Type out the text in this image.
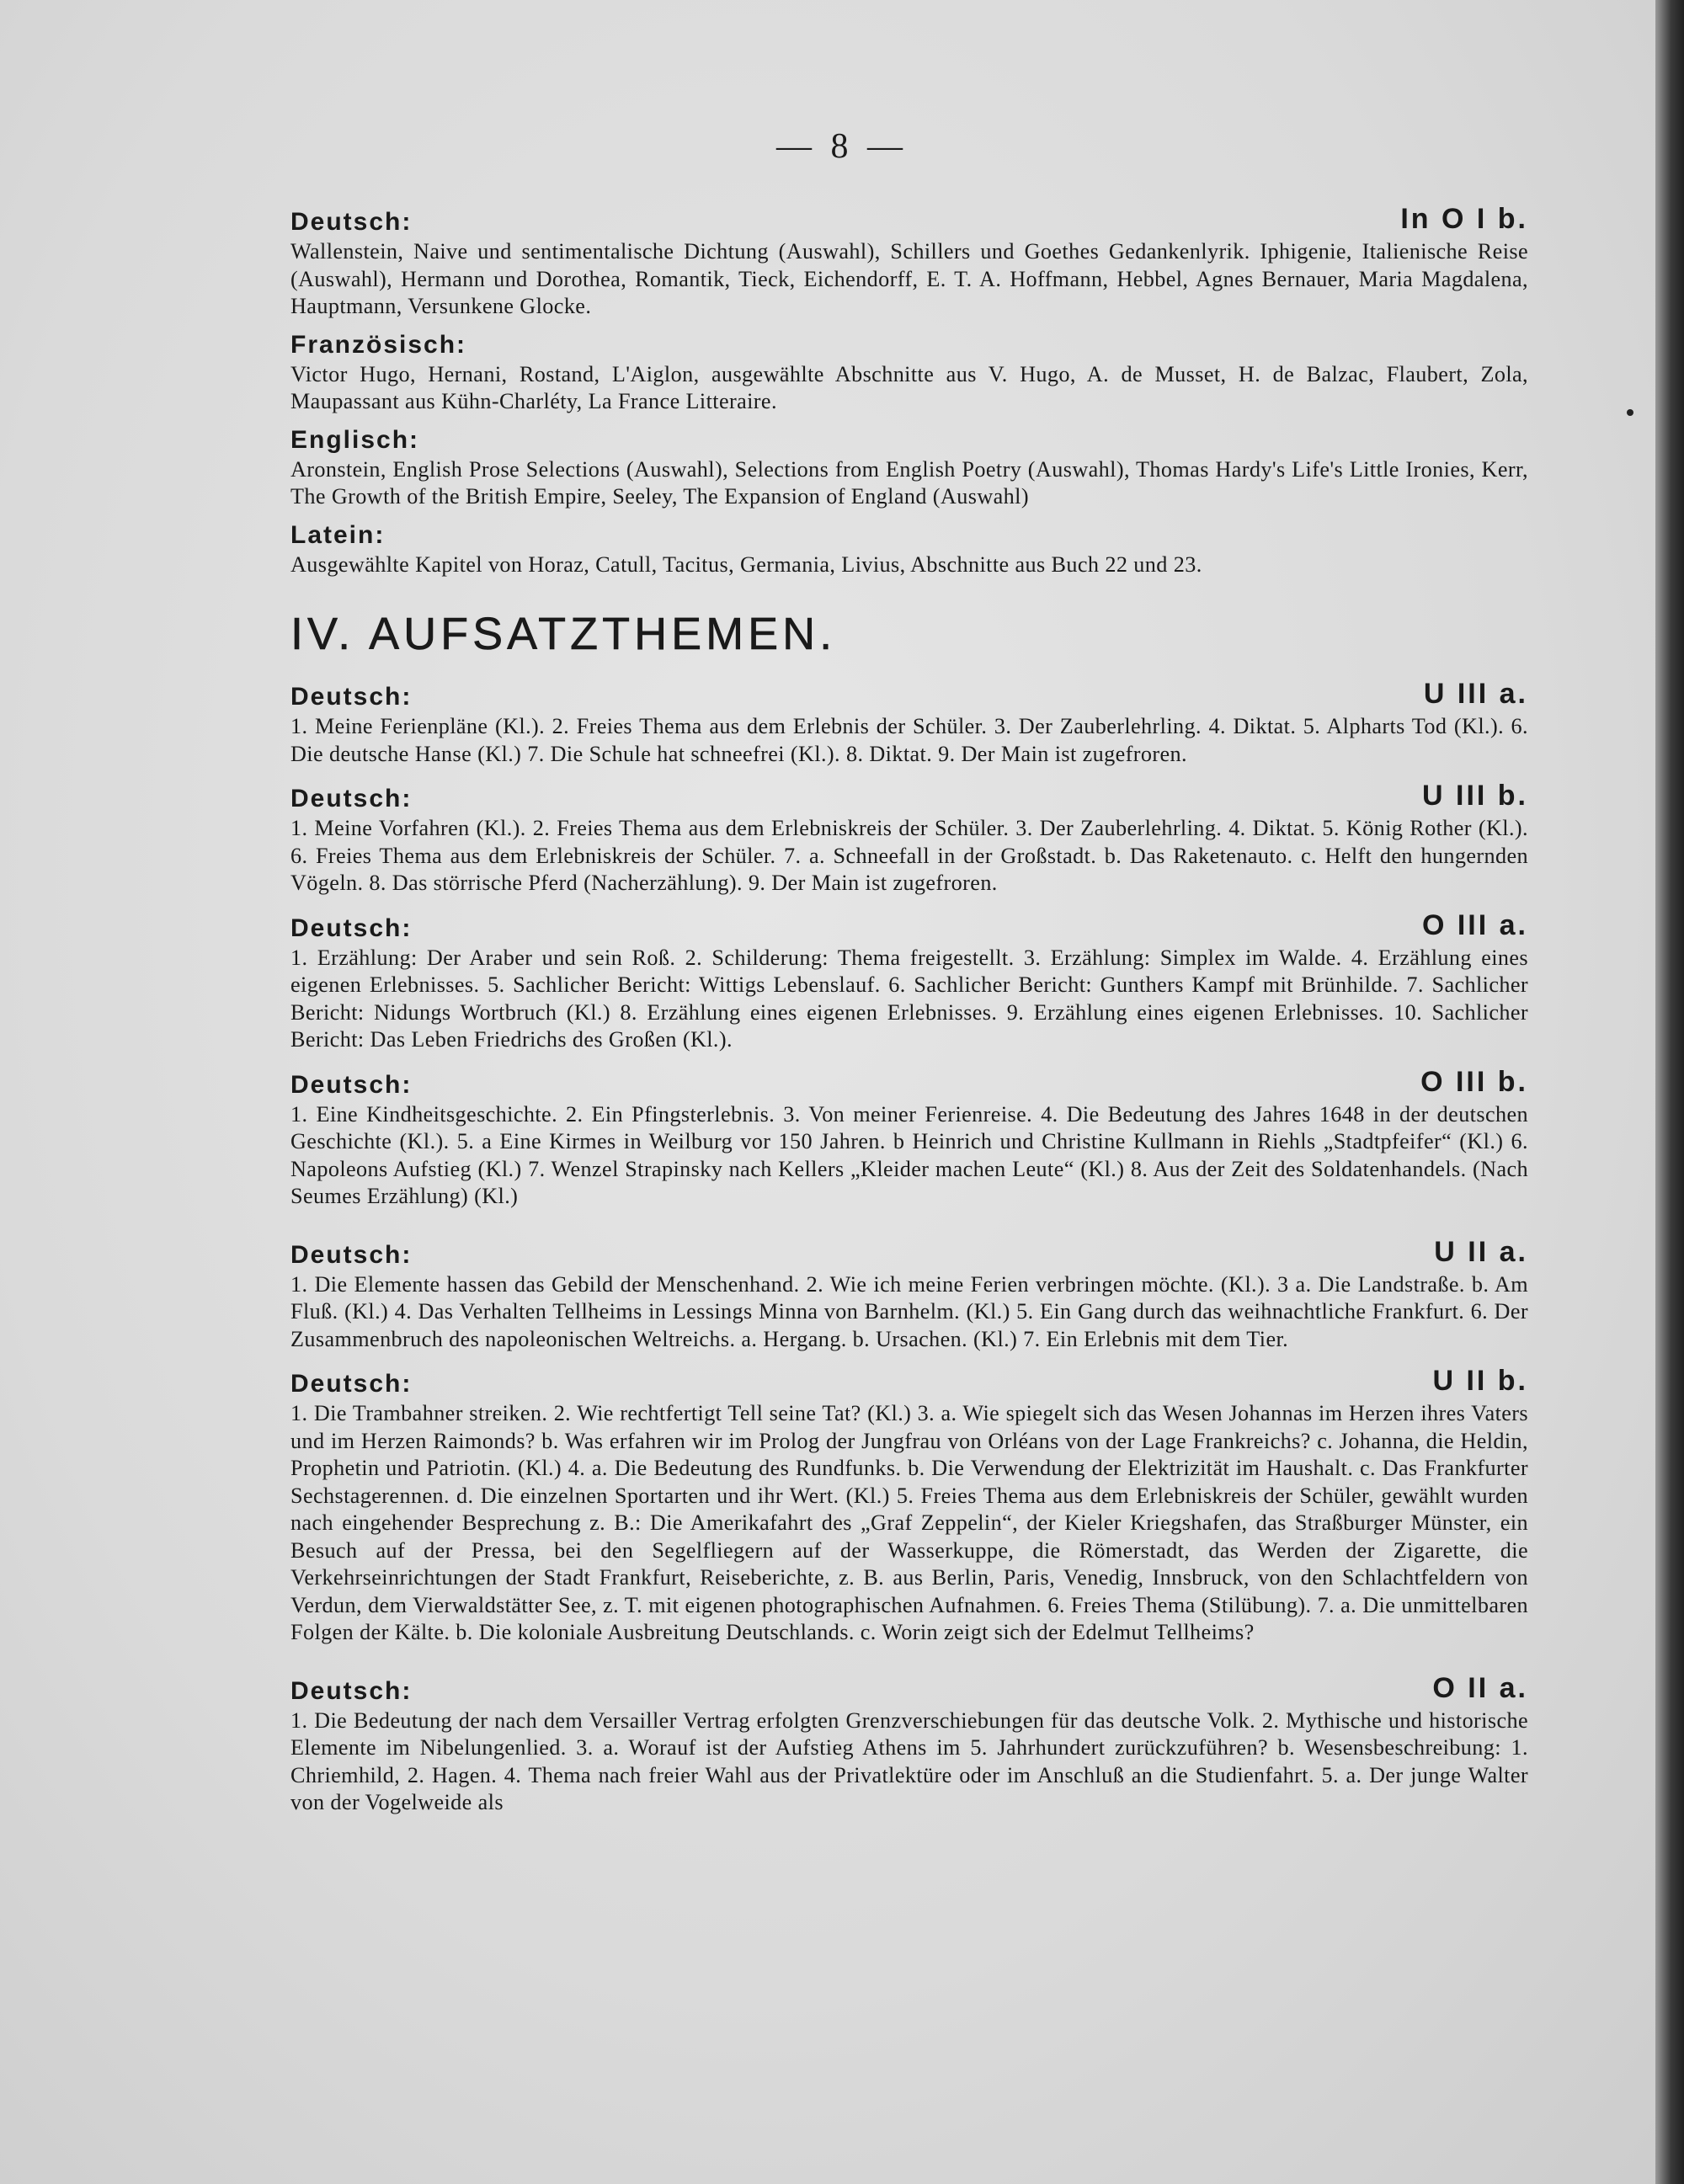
— 8 —
Deutsch:	In O I b.

Wallenstein, Naive und sentimentalische Dichtung (Auswahl), Schillers und Goethes Gedankenlyrik. Iphigenie, Italienische Reise (Auswahl), Hermann und Dorothea, Romantik, Tieck, Eichendorff, E. T. A. Hoffmann, Hebbel, Agnes Bernauer, Maria Magdalena, Hauptmann, Versunkene Glocke.

Französisch:

Victor Hugo, Hernani, Rostand, L'Aiglon, ausgewählte Abschnitte aus V. Hugo, A. de Musset, H. de Balzac, Flaubert, Zola, Maupassant aus Kühn-Charléty, La France Litteraire.

Englisch:

Aronstein, English Prose Selections (Auswahl), Selections from English Poetry (Auswahl), Thomas Hardy's Life's Little Ironies, Kerr, The Growth of the British Empire, Seeley, The Expansion of England (Auswahl)

Latein:

Ausgewählte Kapitel von Horaz, Catull, Tacitus, Germania, Livius, Abschnitte aus Buch 22 und 23.

IV. AUFSATZTHEMEN.
Deutsch:	U III a.

1. Meine Ferienpläne (Kl.). 2. Freies Thema aus dem Erlebnis der Schüler. 3. Der Zauberlehrling. 4. Diktat. 5. Alpharts Tod (Kl.). 6. Die deutsche Hanse (Kl.) 7. Die Schule hat schneefrei (Kl.). 8. Diktat. 9. Der Main ist zugefroren.

Deutsch:	U III b.

1. Meine Vorfahren (Kl.). 2. Freies Thema aus dem Erlebniskreis der Schüler. 3. Der Zauberlehrling. 4. Diktat. 5. König Rother (Kl.). 6. Freies Thema aus dem Erlebniskreis der Schüler. 7. a. Schneefall in der Großstadt. b. Das Raketenauto. c. Helft den hungernden Vögeln. 8. Das störrische Pferd (Nacherzählung). 9. Der Main ist zugefroren.

Deutsch:	O III a.

1. Erzählung: Der Araber und sein Roß. 2. Schilderung: Thema freigestellt. 3. Erzählung: Simplex im Walde. 4. Erzählung eines eigenen Erlebnisses. 5. Sachlicher Bericht: Wittigs Lebenslauf. 6. Sachlicher Bericht: Gunthers Kampf mit Brünhilde. 7. Sachlicher Bericht: Nidungs Wortbruch (Kl.) 8. Erzählung eines eigenen Erlebnisses. 9. Erzählung eines eigenen Erlebnisses. 10. Sachlicher Bericht: Das Leben Friedrichs des Großen (Kl.).

Deutsch:	O III b.

1. Eine Kindheitsgeschichte. 2. Ein Pfingsterlebnis. 3. Von meiner Ferienreise. 4. Die Bedeutung des Jahres 1648 in der deutschen Geschichte (Kl.). 5. a Eine Kirmes in Weilburg vor 150 Jahren. b Heinrich und Christine Kullmann in Riehls „Stadtpfeifer“ (Kl.) 6. Napoleons Aufstieg (Kl.) 7. Wenzel Strapinsky nach Kellers „Kleider machen Leute“ (Kl.) 8. Aus der Zeit des Soldatenhandels. (Nach Seumes Erzählung) (Kl.)

Deutsch:	U II a.

1. Die Elemente hassen das Gebild der Menschenhand. 2. Wie ich meine Ferien verbringen möchte. (Kl.). 3 a. Die Landstraße. b. Am Fluß. (Kl.) 4. Das Verhalten Tellheims in Lessings Minna von Barnhelm. (Kl.) 5. Ein Gang durch das weihnachtliche Frankfurt. 6. Der Zusammenbruch des napoleonischen Weltreichs. a. Hergang. b. Ursachen. (Kl.) 7. Ein Erlebnis mit dem Tier.

Deutsch:	U II b.

1. Die Trambahner streiken. 2. Wie rechtfertigt Tell seine Tat? (Kl.) 3. a. Wie spiegelt sich das Wesen Johannas im Herzen ihres Vaters und im Herzen Raimonds? b. Was erfahren wir im Prolog der Jungfrau von Orléans von der Lage Frankreichs? c. Johanna, die Heldin, Prophetin und Patriotin. (Kl.) 4. a. Die Bedeutung des Rundfunks. b. Die Verwendung der Elektrizität im Haushalt. c. Das Frankfurter Sechstagerennen. d. Die einzelnen Sportarten und ihr Wert. (Kl.) 5. Freies Thema aus dem Erlebniskreis der Schüler, gewählt wurden nach eingehender Besprechung z. B.: Die Amerikafahrt des „Graf Zeppelin“, der Kieler Kriegshafen, das Straßburger Münster, ein Besuch auf der Pressa, bei den Segelfliegern auf der Wasserkuppe, die Römerstadt, das Werden der Zigarette, die Verkehrseinrichtungen der Stadt Frankfurt, Reiseberichte, z. B. aus Berlin, Paris, Venedig, Innsbruck, von den Schlachtfeldern von Verdun, dem Vierwaldstätter See, z. T. mit eigenen photographischen Aufnahmen. 6. Freies Thema (Stilübung). 7. a. Die unmittelbaren Folgen der Kälte. b. Die koloniale Ausbreitung Deutschlands. c. Worin zeigt sich der Edelmut Tellheims?

Deutsch:	O II a.

1. Die Bedeutung der nach dem Versailler Vertrag erfolgten Grenzverschiebungen für das deutsche Volk. 2. Mythische und historische Elemente im Nibelungenlied. 3. a. Worauf ist der Aufstieg Athens im 5. Jahrhundert zurückzuführen? b. Wesensbeschreibung: 1. Chriemhild, 2. Hagen. 4. Thema nach freier Wahl aus der Privatlektüre oder im Anschluß an die Studienfahrt. 5. a. Der junge Walter von der Vogelweide als
